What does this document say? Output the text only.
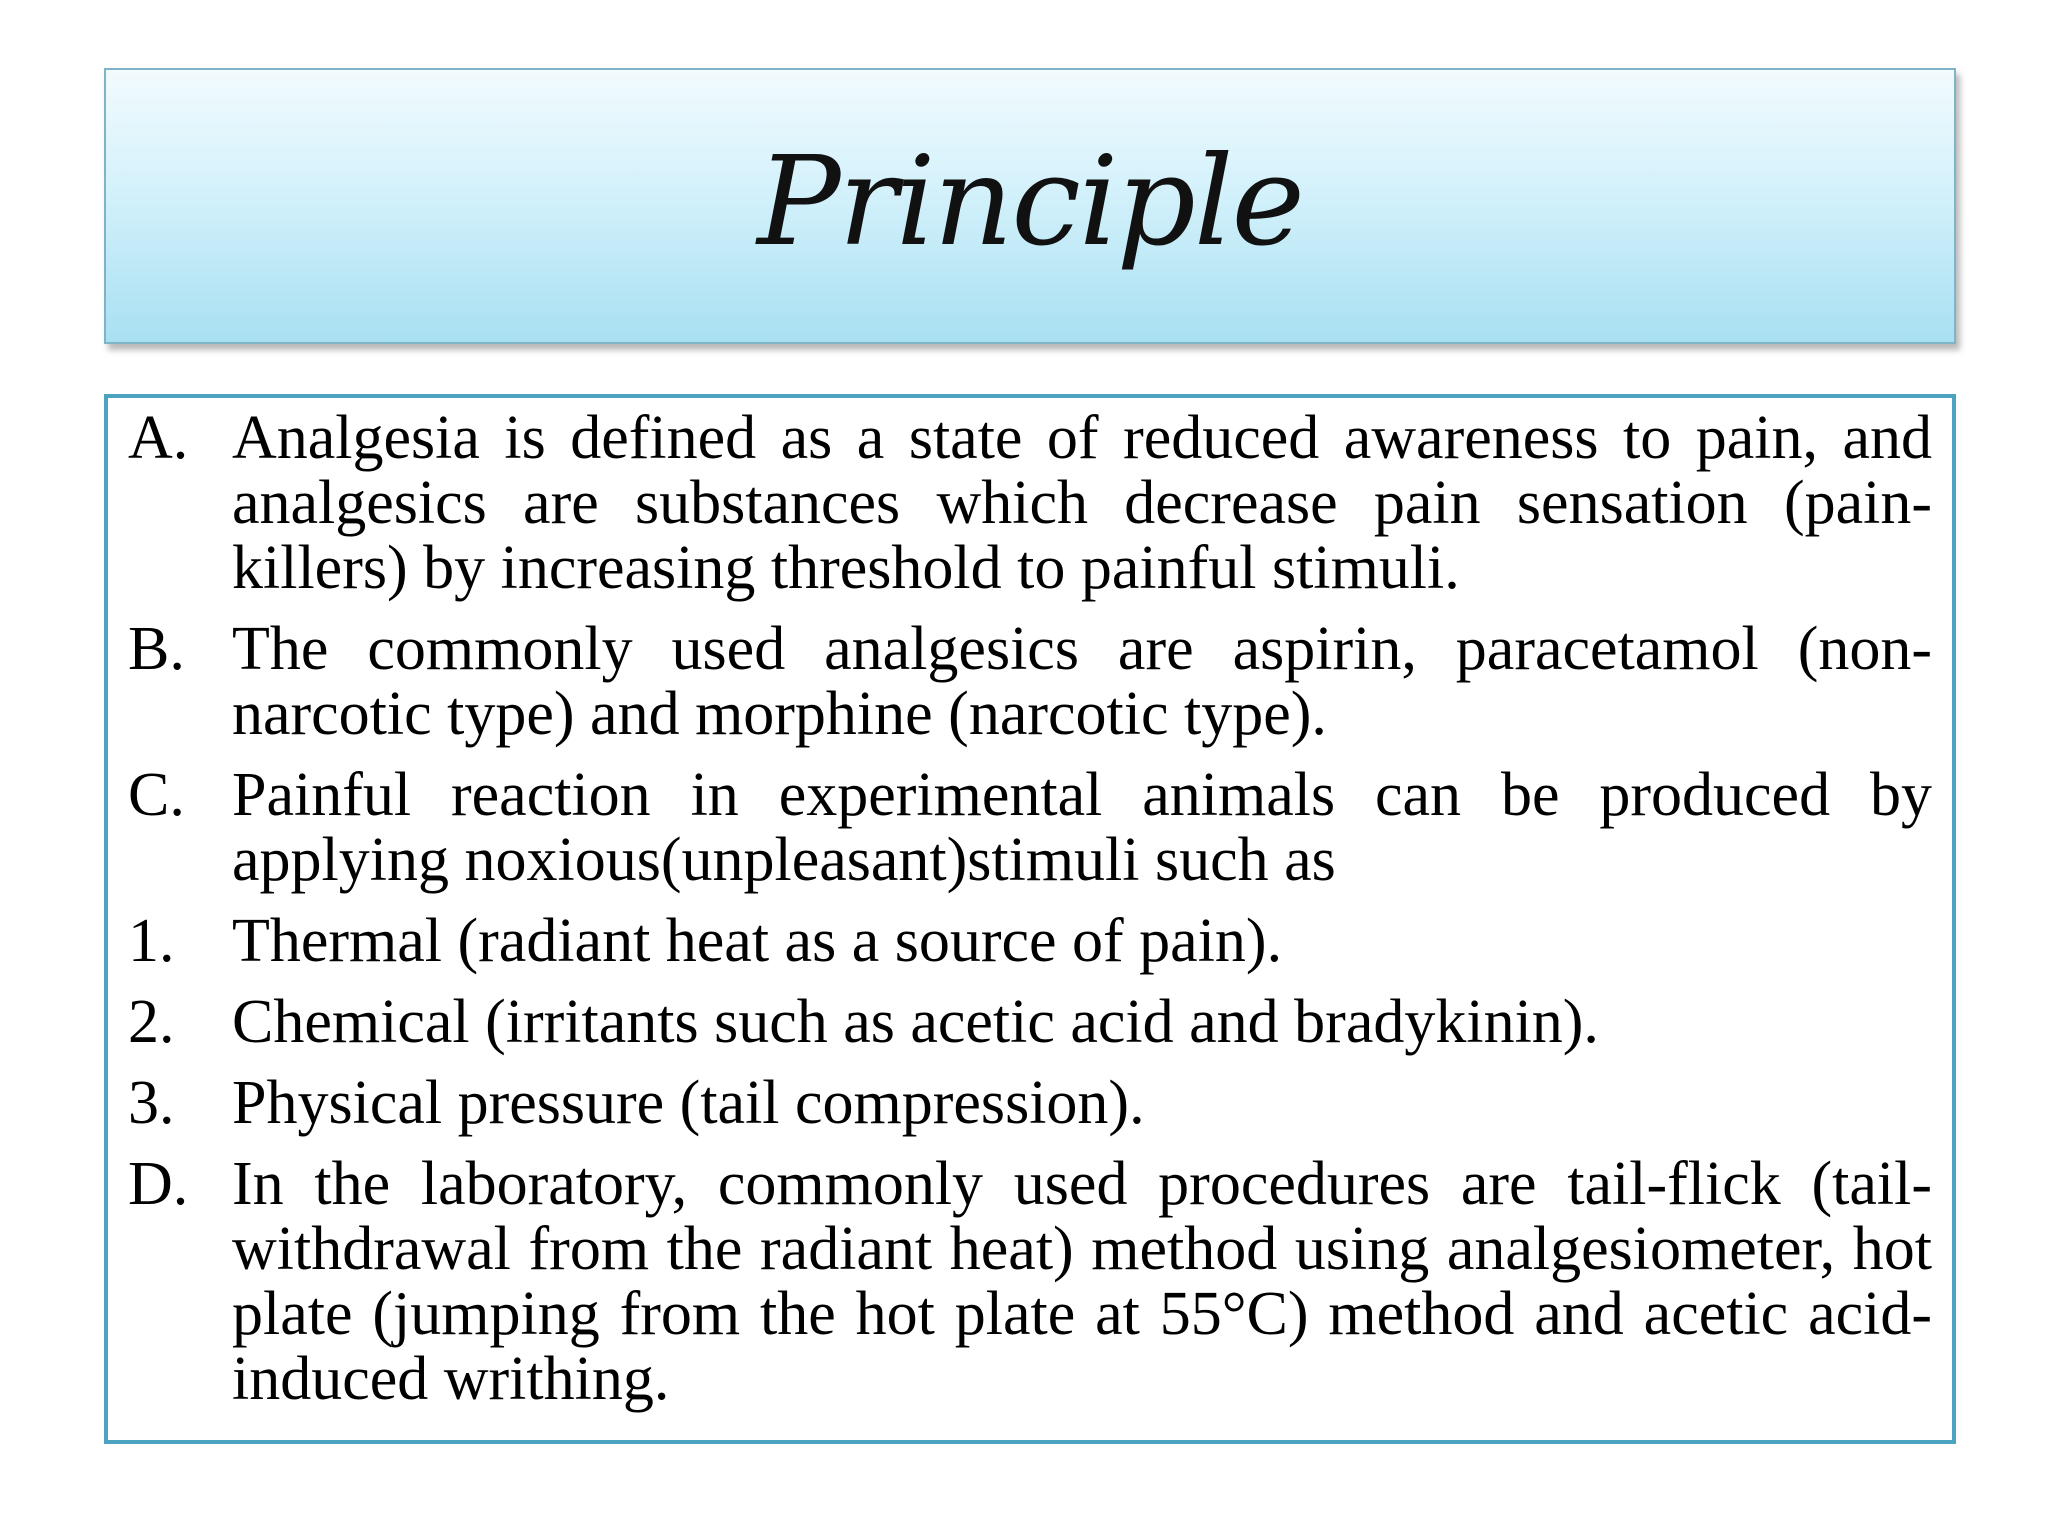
Principle
A. Analgesia is defined as a state of reduced awareness to pain, and analgesics are substances which decrease pain sensation (pain- killers) by increasing threshold to painful stimuli.
B. The commonly used analgesics are aspirin, paracetamol (non-narcotic type) and morphine (narcotic type).
C. Painful reaction in experimental animals can be produced by applying noxious(unpleasant)stimuli such as
1. Thermal (radiant heat as a source of pain).
2. Chemical (irritants such as acetic acid and bradykinin).
3. Physical pressure (tail compression).
D. In the laboratory, commonly used procedures are tail-flick (tail-withdrawal from the radiant heat) method using analgesiometer, hot plate (jumping from the hot plate at 55°C) method and acetic acid-induced writhing.
